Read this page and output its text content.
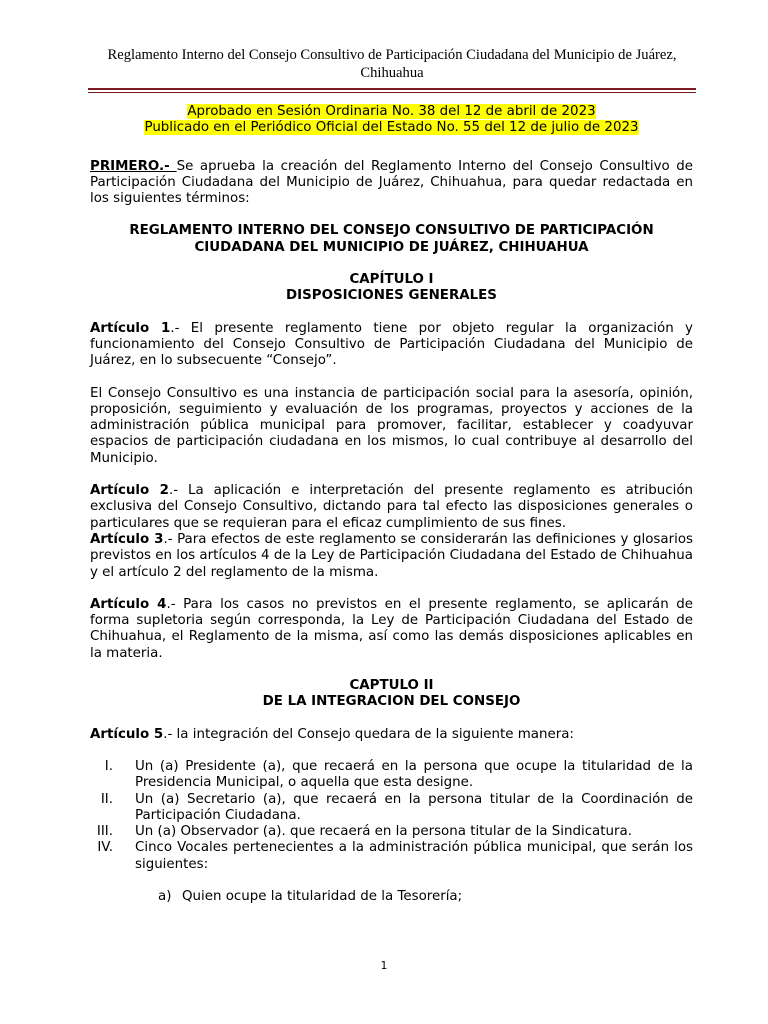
Reglamento Interno del Consejo Consultivo de Participación Ciudadana del Municipio de Juárez, Chihuahua
Aprobado en Sesión Ordinaria No. 38 del 12 de abril de 2023
Publicado en el Periódico Oficial del Estado No. 55 del 12 de julio de 2023

PRIMERO.- Se aprueba la creación del Reglamento Interno del Consejo Consultivo de Participación Ciudadana del Municipio de Juárez, Chihuahua, para quedar redactada en los siguientes términos:

REGLAMENTO INTERNO DEL CONSEJO CONSULTIVO DE PARTICIPACIÓN
CIUDADANA DEL MUNICIPIO DE JUÁREZ, CHIHUAHUA
CAPÍTULO I
DISPOSICIONES GENERALES

Artículo 1.- El presente reglamento tiene por objeto regular la organización y funcionamiento del Consejo Consultivo de Participación Ciudadana del Municipio de Juárez, en lo subsecuente “Consejo”.

El Consejo Consultivo es una instancia de participación social para la asesoría, opinión, proposición, seguimiento y evaluación de los programas, proyectos y acciones de la administración pública municipal para promover, facilitar, establecer y coadyuvar espacios de participación ciudadana en los mismos, lo cual contribuye al desarrollo del Municipio.

Artículo 2.- La aplicación e interpretación del presente reglamento es atribución exclusiva del Consejo Consultivo, dictando para tal efecto las disposiciones generales o particulares que se requieran para el eficaz cumplimiento de sus fines.

Artículo 3.- Para efectos de este reglamento se considerarán las definiciones y glosarios previstos en los artículos 4 de la Ley de Participación Ciudadana del Estado de Chihuahua y el artículo 2 del reglamento de la misma.

Artículo 4.- Para los casos no previstos en el presente reglamento, se aplicarán de forma supletoria según corresponda, la Ley de Participación Ciudadana del Estado de Chihuahua, el Reglamento de la misma, así como las demás disposiciones aplicables en la materia.

CAPTULO II
DE LA INTEGRACION DEL CONSEJO

Artículo 5.- la integración del Consejo quedara de la siguiente manera:

I.	Un (a) Presidente (a), que recaerá en la persona que ocupe la titularidad de la Presidencia Municipal, o aquella que esta designe.
II.	Un (a) Secretario (a), que recaerá en la persona titular de la Coordinación de Participación Ciudadana.
III.	Un (a) Observador (a). que recaerá en la persona titular de la Sindicatura.
IV.	Cinco Vocales pertenecientes a la administración pública municipal, que serán los siguientes:
a) Quien ocupe la titularidad de la Tesorería;
1
